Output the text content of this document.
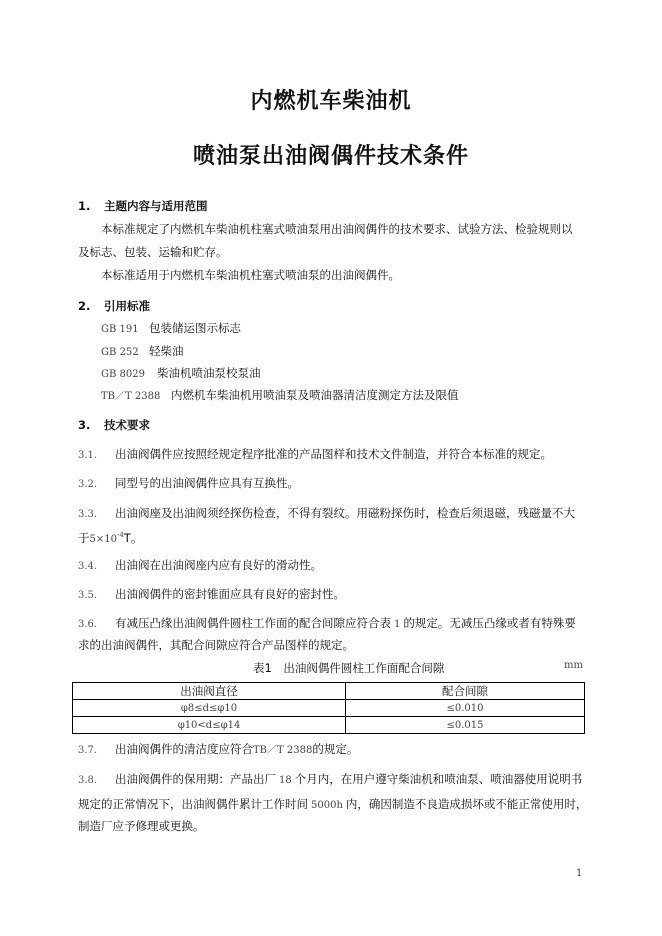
内燃机车柴油机
喷油泵出油阀偶件技术条件
1. 主题内容与适用范围
本标准规定了内燃机车柴油机柱塞式喷油泵用出油阀偶件的技术要求、试验方法、检验规则以
及标志、包装、运输和贮存。
本标准适用于内燃机车柴油机柱塞式喷油泵的出油阀偶件。
2. 引用标准
GB 191 包装储运图示标志
GB 252 轻柴油
GB 8029 柴油机喷油泵校泵油
TB／T 2388 内燃机车柴油机用喷油泵及喷油器清洁度测定方法及限值
3. 技术要求
3.1. 出油阀偶件应按照经规定程序批准的产品图样和技术文件制造，并符合本标准的规定。
3.2. 同型号的出油阀偶件应具有互换性。
3.3. 出油阀座及出油阀须经探伤检查，不得有裂纹。用磁粉探伤时，检查后须退磁，残磁量不大
于$5\times 10^{-4}T$。
3.4. 出油阀在出油阀座内应有良好的滑动性。
3.5. 出油阀偶件的密封锥面应具有良好的密封性。
3.6. 有减压凸缘出油阀偶件圆柱工作面的配合间隙应符合表 1 的规定。无减压凸缘或者有特殊要
求的出油阀偶件，其配合间隙应符合产品图样的规定。
表1　出油阀偶件圆柱工作面配合间隙	mm
出油阀直径	配合间隙
φ8≤d≤φ10	≤0.010
φ10<d≤φ14	≤0.015
3.7. 出油阀偶件的清洁度应符合TB／T 2388的规定。
3.8. 出油阀偶件的保用期：产品出厂 18 个月内，在用户遵守柴油机和喷油泵、喷油器使用说明书
规定的正常情况下，出油阀偶件累计工作时间 5000h 内，确因制造不良造成损坏或不能正常使用时，
制造厂应予修理或更换。
1
